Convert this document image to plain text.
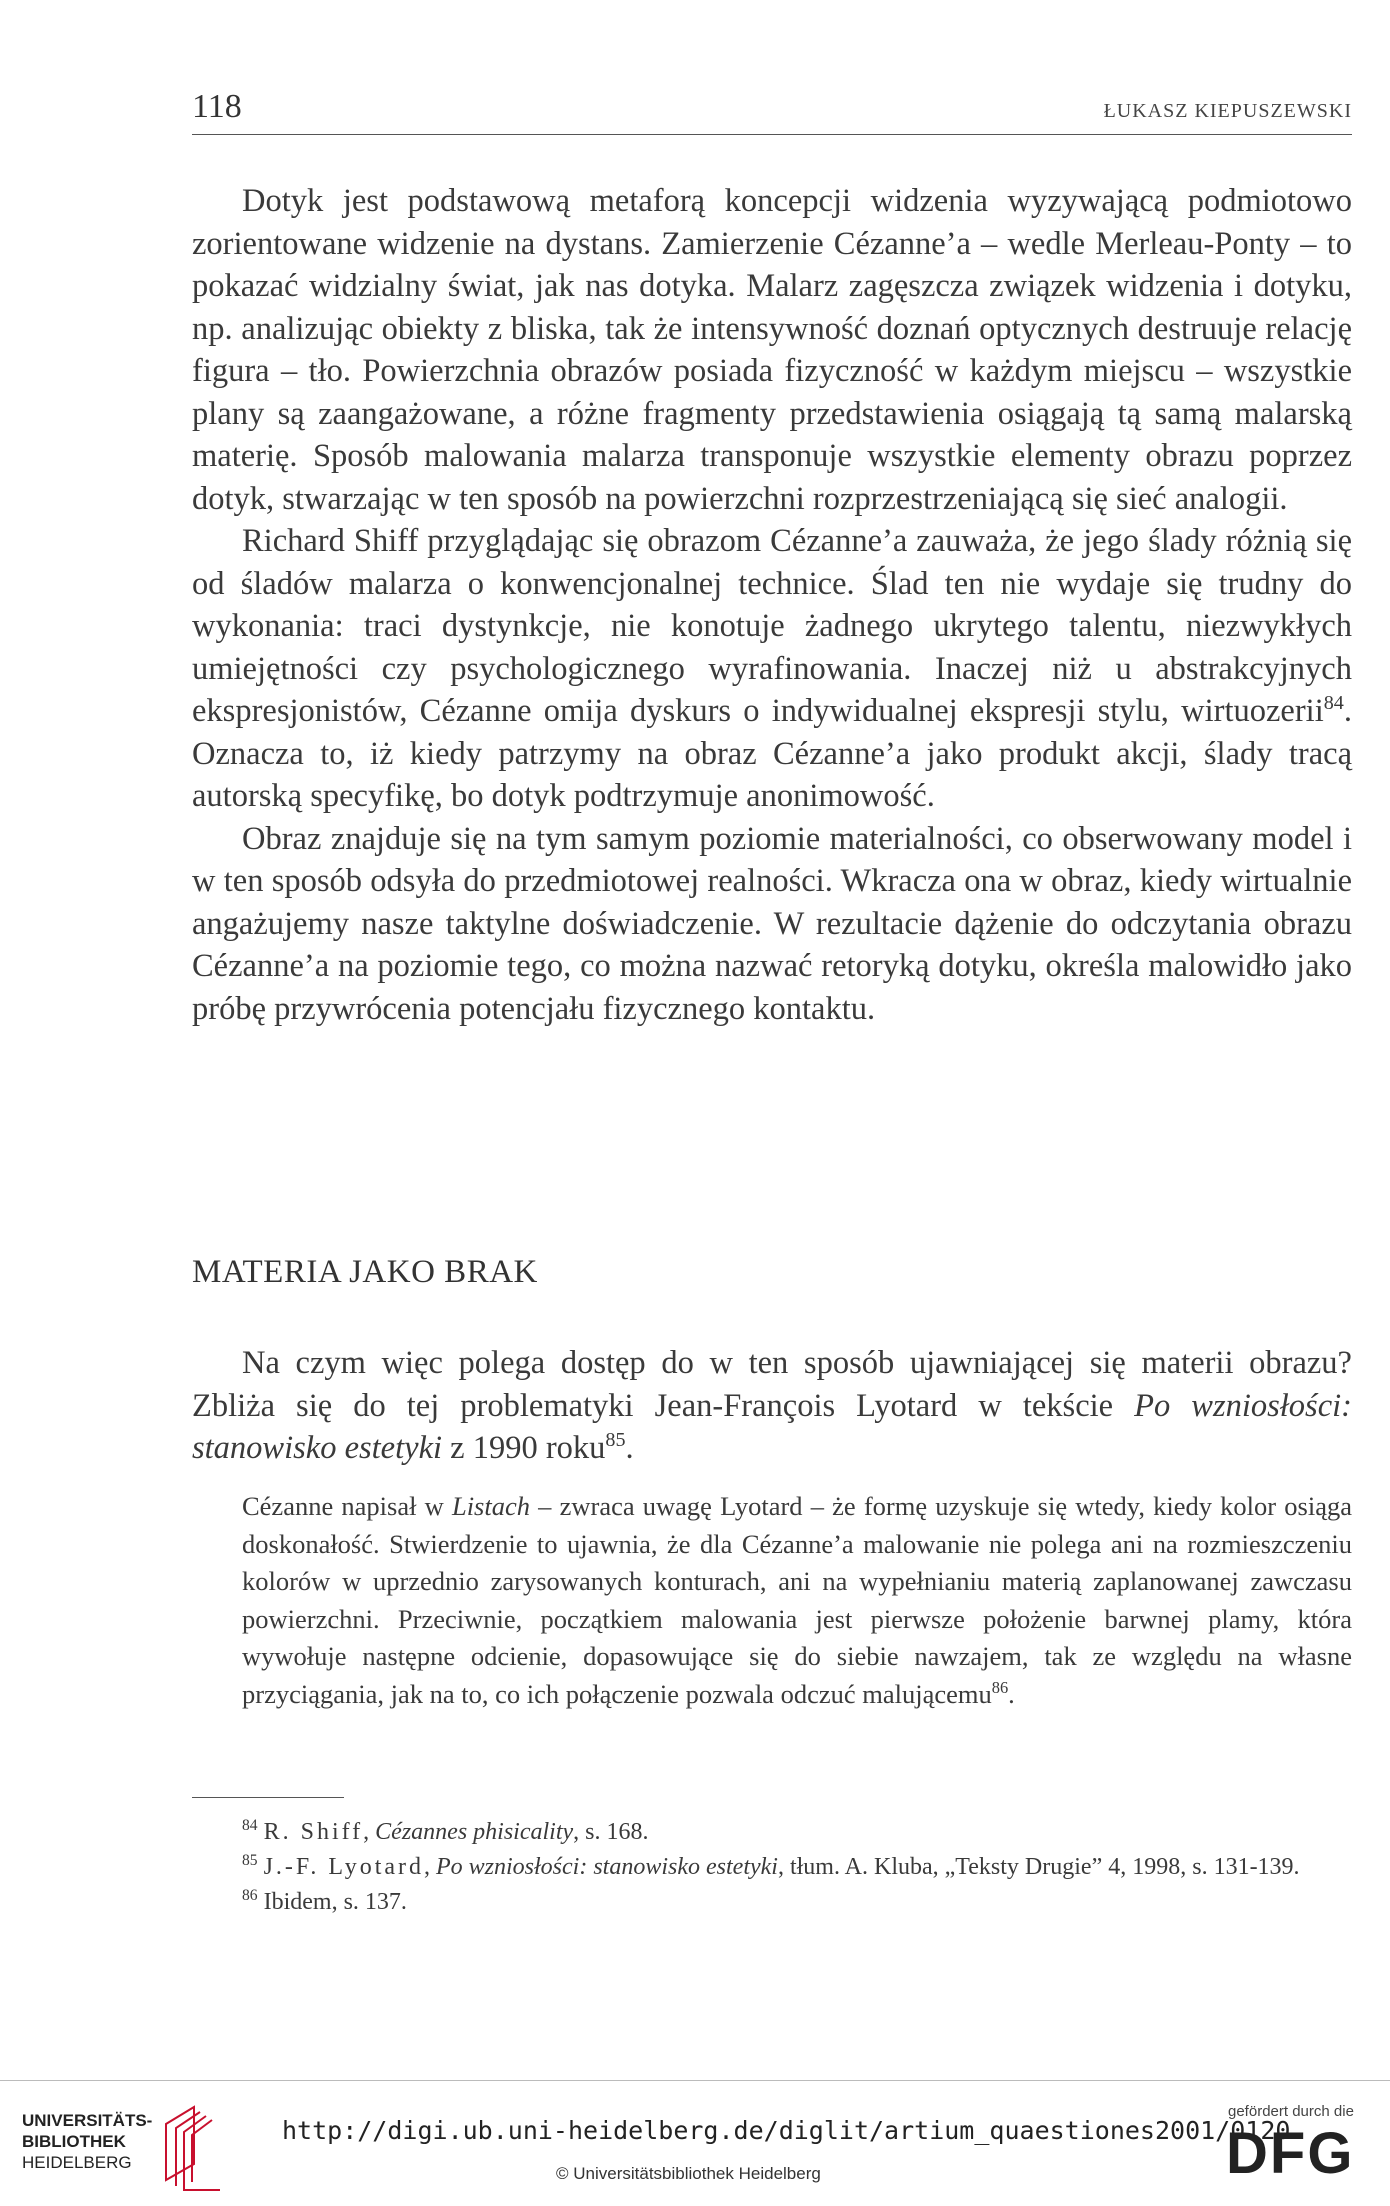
118	ŁUKASZ KIEPUSZEWSKI

Dotyk jest podstawową metaforą koncepcji widzenia wyzywającą podmiotowo zorientowane widzenie na dystans. Zamierzenie Cézanne’a – wedle Merleau-Ponty – to pokazać widzialny świat, jak nas dotyka. Malarz zagęszcza związek widzenia i dotyku, np. analizując obiekty z bliska, tak że intensywność doznań optycznych destruuje relację figura – tło. Powierzchnia obrazów posiada fizyczność w każdym miejscu – wszystkie plany są zaangażowane, a różne fragmenty przedstawienia osiągają tą samą malarską materię. Sposób malowania malarza transponuje wszystkie elementy obrazu poprzez dotyk, stwarzając w ten sposób na powierzchni rozprzestrzeniającą się sieć analogii.

Richard Shiff przyglądając się obrazom Cézanne’a zauważa, że jego ślady różnią się od śladów malarza o konwencjonalnej technice. Ślad ten nie wydaje się trudny do wykonania: traci dystynkcje, nie konotuje żadnego ukrytego talentu, niezwykłych umiejętności czy psychologicznego wyrafinowania. Inaczej niż u abstrakcyjnych ekspresjonistów, Cézanne omija dyskurs o indywidualnej ekspresji stylu, wirtuozerii$^{84}$. Oznacza to, iż kiedy patrzymy na obraz Cézanne’a jako produkt akcji, ślady tracą autorską specyfikę, bo dotyk podtrzymuje anonimowość.

Obraz znajduje się na tym samym poziomie materialności, co obserwowany model i w ten sposób odsyła do przedmiotowej realności. Wkracza ona w obraz, kiedy wirtualnie angażujemy nasze taktylne doświadczenie. W rezultacie dążenie do odczytania obrazu Cézanne’a na poziomie tego, co można nazwać retoryką dotyku, określa malowidło jako próbę przywrócenia potencjału fizycznego kontaktu.

MATERIA JAKO BRAK

Na czym więc polega dostęp do w ten sposób ujawniającej się materii obrazu? Zbliża się do tej problematyki Jean-François Lyotard w tekście Po wzniosłości: stanowisko estetyki z 1990 roku$^{85}$.

Cézanne napisał w Listach – zwraca uwagę Lyotard – że formę uzyskuje się wtedy, kiedy kolor osiąga doskonałość. Stwierdzenie to ujawnia, że dla Cézanne’a malowanie nie polega ani na rozmieszczeniu kolorów w uprzednio zarysowanych konturach, ani na wypełnianiu materią zaplanowanej zawczasu powierzchni. Przeciwnie, początkiem malowania jest pierwsze położenie barwnej plamy, która wywołuje następne odcienie, dopasowujące się do siebie nawzajem, tak ze względu na własne przyciągania, jak na to, co ich połączenie pozwala odczuć malującemu$^{86}$.

$^{84}$ R. Shiff, Cézannes phisicality, s. 168.

$^{85}$ J.-F. Lyotard, Po wzniosłości: stanowisko estetyki, tłum. A. Kluba, „Teksty Drugie” 4, 1998, s. 131-139.

$^{86}$ Ibidem, s. 137.

UNIVERSITÄTS-
BIBLIOTHEK
HEIDELBERG
http://digi.ub.uni-heidelberg.de/diglit/artium_quaestiones2001/0120
© Universitätsbibliothek Heidelberg
gefördert durch die
DFG
